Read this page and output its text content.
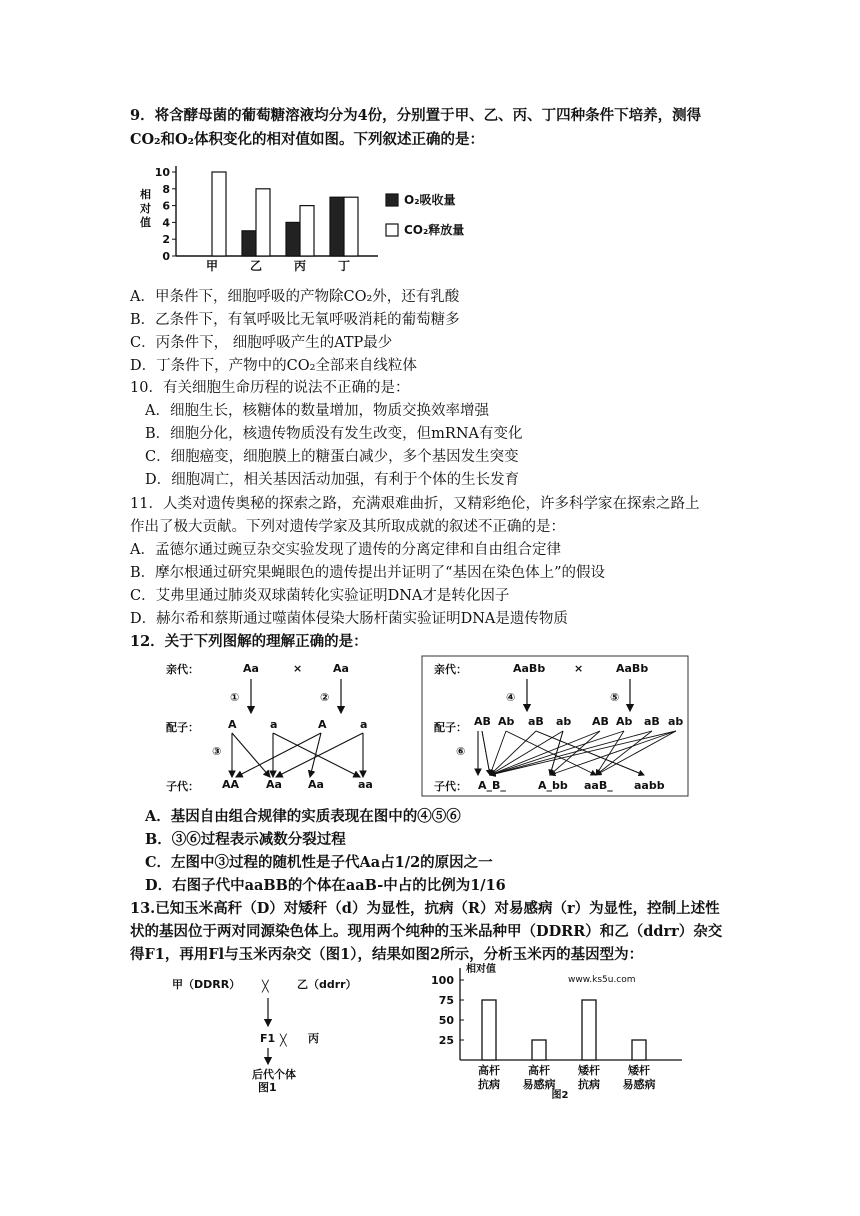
9．将含酵母菌的葡萄糖溶液均分为4份，分别置于甲、乙、丙、丁四种条件下培养，测得
CO₂和O₂体积变化的相对值如图。下列叙述正确的是：
0
2
4
6
8
10
相
对
值
甲	乙	丙	丁
O₂吸收量
CO₂释放量
A．甲条件下，细胞呼吸的产物除CO₂外，还有乳酸
B．乙条件下，有氧呼吸比无氧呼吸消耗的葡萄糖多
C．丙条件下， 细胞呼吸产生的ATP最少
D．丁条件下，产物中的CO₂全部来自线粒体
10．有关细胞生命历程的说法不正确的是：
A．细胞生长，核糖体的数量增加，物质交换效率增强
B．细胞分化，核遗传物质没有发生改变，但mRNA有变化
C．细胞癌变，细胞膜上的糖蛋白减少，多个基因发生突变
D．细胞凋亡，相关基因活动加强，有利于个体的生长发育
11．人类对遗传奥秘的探索之路，充满艰难曲折，又精彩绝伦，许多科学家在探索之路上
作出了极大贡献。下列对遗传学家及其所取成就的叙述不正确的是：
A．孟德尔通过豌豆杂交实验发现了遗传的分离定律和自由组合定律
B．摩尔根通过研究果蝇眼色的遗传提出并证明了“基因在染色体上”的假设
C．艾弗里通过肺炎双球菌转化实验证明DNA才是转化因子
D．赫尔希和蔡斯通过噬菌体侵染大肠杆菌实验证明DNA是遗传物质
12．关于下列图解的理解正确的是：
亲代：	Aa	×	Aa
①	②
配子：	A	a	A	a
③
子代： AA Aa Aa	aa
亲代：	AaBb	×	AaBb
④	⑤
配子： AB Ab aB ab AB Ab aB ab
⑥
子代： A_B_	A_bb aaB_ aabb
A．基因自由组合规律的实质表现在图中的④⑤⑥
B．③⑥过程表示减数分裂过程
C．左图中③过程的随机性是子代Aa占1/2的原因之一
D．右图子代中aaBB的个体在aaB-中占的比例为1/16
13.已知玉米高秆（D）对矮秆（d）为显性，抗病（R）对易感病（r）为显性，控制上述性
状的基因位于两对同源染色体上。现用两个纯种的玉米品种甲（DDRR）和乙（ddrr）杂交
得F1，再用Fl与玉米丙杂交（图1），结果如图2所示，分析玉米丙的基因型为：
甲（DDRR） ╳	乙（ddrr）
F1 ╳ 丙
后代个体
图1
相对值
www.ks5u.com
25
50
75
100
高杆
抗病
高杆
易感病
矮杆
抗病
矮杆
易感病
图2
